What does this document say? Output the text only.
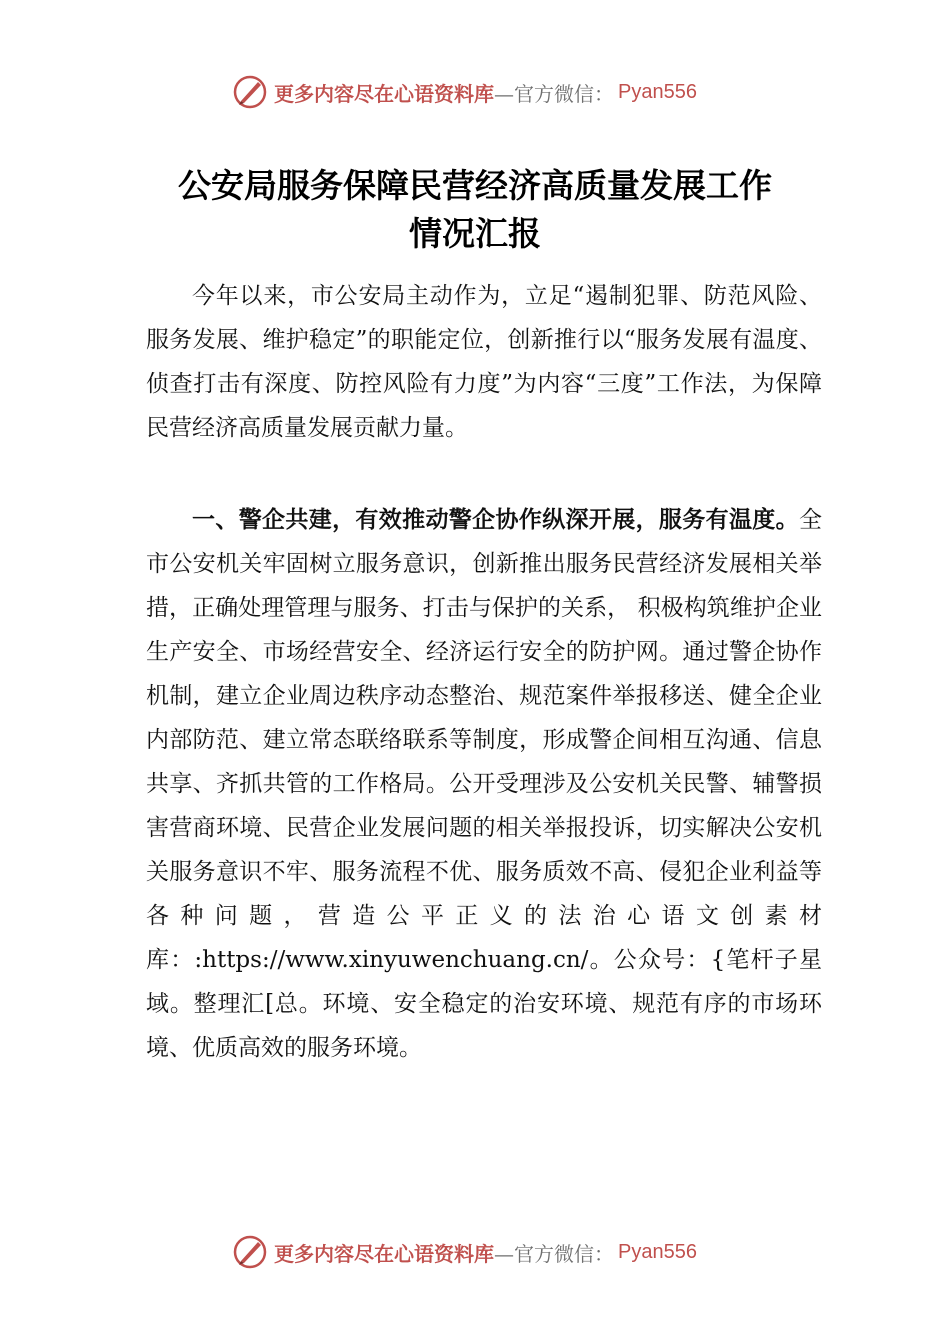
更多内容尽在心语资料库 —官方微信： Pyan556
公安局服务保障民营经济高质量发展工作
情况汇报

今年以来，市公安局主动作为，立足“遏制犯罪、防范风险、服务发展、维护稳定”的职能定位，创新推行以“服务发展有温度、侦查打击有深度、防控风险有力度”为内容“三度”工作法，为保障民营经济高质量发展贡献力量。

一、警企共建，有效推动警企协作纵深开展，服务有温度。全市公安机关牢固树立服务意识，创新推出服务民营经济发展相关举措，正确处理管理与服务、打击与保护的关系， 积极构筑维护企业生产安全、市场经营安全、经济运行安全的防护网。通过警企协作机制，建立企业周边秩序动态整治、规范案件举报移送、健全企业内部防范、建立常态联络联系等制度，形成警企间相互沟通、信息共享、齐抓共管的工作格局。公开受理涉及公安机关民警、辅警损害营商环境、民营企业发展问题的相关举报投诉，切实解决公安机关服务意识不牢、服务流程不优、服务质效不高、侵犯企业利益等各种问题，营造公平正义的法治心语文创素材库：:https://www.xinyuwenchuang.cn/。公众号：{笔杆子星域。整理汇[总。环境、安全稳定的治安环境、规范有序的市场环境、优质高效的服务环境。

更多内容尽在心语资料库 —官方微信： Pyan556
